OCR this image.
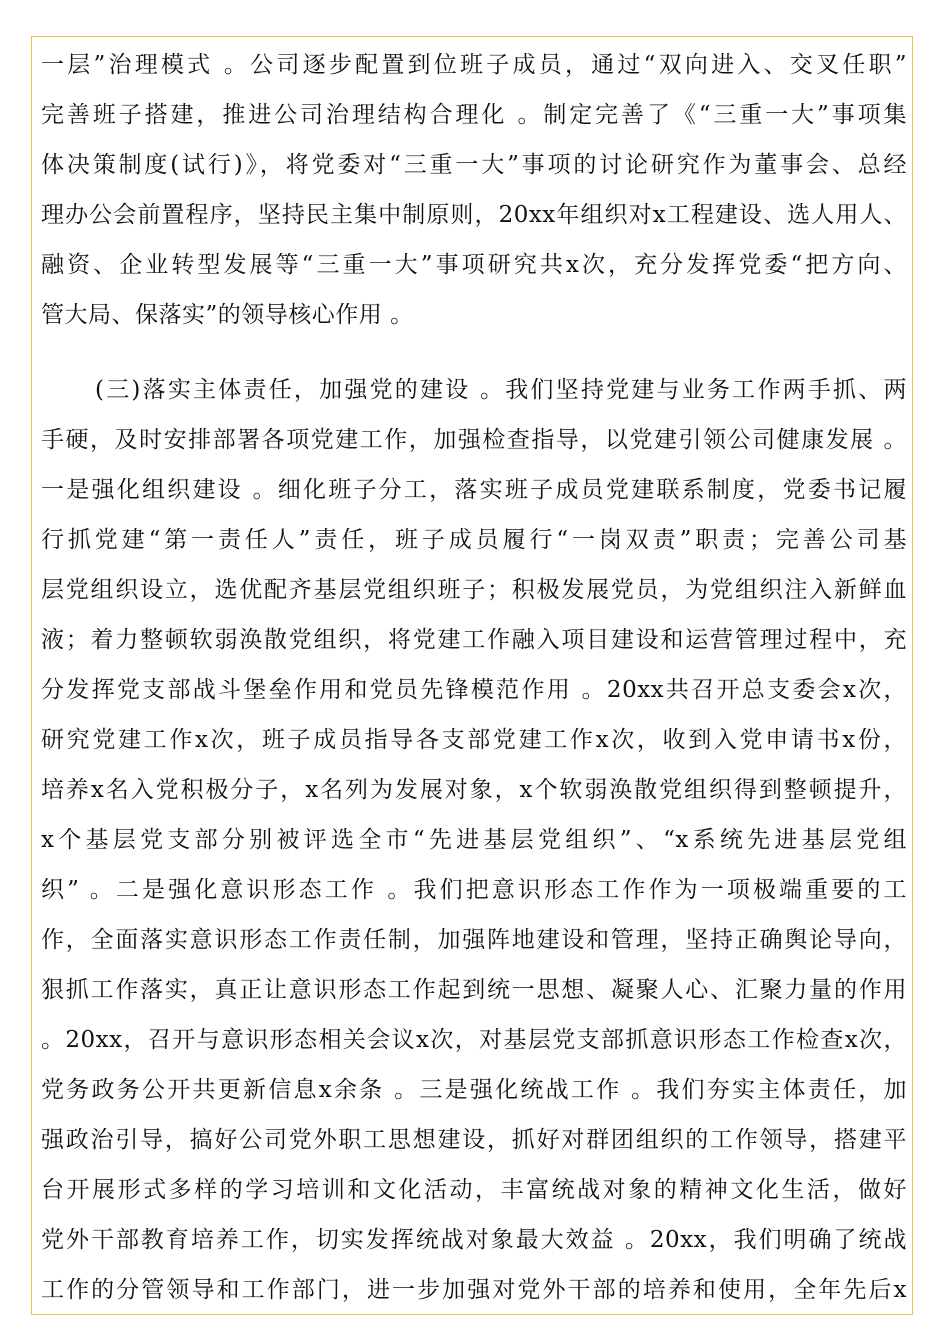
一层”治理模式 。公司逐步配置到位班子成员，通过“双向进入、交叉任职”
完善班子搭建，推进公司治理结构合理化 。制定完善了《“三重一大”事项集
体决策制度(试行)》，将党委对“三重一大”事项的讨论研究作为董事会、总经
理办公会前置程序，坚持民主集中制原则，20xx年组织对x工程建设、选人用人、
融资、企业转型发展等“三重一大”事项研究共x次，充分发挥党委“把方向、
管大局、保落实”的领导核心作用 。
(三)落实主体责任，加强党的建设 。我们坚持党建与业务工作两手抓、两
手硬，及时安排部署各项党建工作，加强检查指导，以党建引领公司健康发展 。
一是强化组织建设 。细化班子分工，落实班子成员党建联系制度，党委书记履
行抓党建“第一责任人”责任，班子成员履行“一岗双责”职责；完善公司基
层党组织设立，选优配齐基层党组织班子；积极发展党员，为党组织注入新鲜血
液；着力整顿软弱涣散党组织，将党建工作融入项目建设和运营管理过程中，充
分发挥党支部战斗堡垒作用和党员先锋模范作用 。20xx共召开总支委会x次，
研究党建工作x次，班子成员指导各支部党建工作x次，收到入党申请书x份，
培养x名入党积极分子，x名列为发展对象，x个软弱涣散党组织得到整顿提升，
x个基层党支部分别被评选全市“先进基层党组织”、“x系统先进基层党组
织” 。二是强化意识形态工作 。我们把意识形态工作作为一项极端重要的工
作，全面落实意识形态工作责任制，加强阵地建设和管理，坚持正确舆论导向，
狠抓工作落实，真正让意识形态工作起到统一思想、凝聚人心、汇聚力量的作用
。20xx，召开与意识形态相关会议x次，对基层党支部抓意识形态工作检查x次，
党务政务公开共更新信息x余条 。三是强化统战工作 。我们夯实主体责任，加
强政治引导，搞好公司党外职工思想建设，抓好对群团组织的工作领导，搭建平
台开展形式多样的学习培训和文化活动，丰富统战对象的精神文化生活，做好
党外干部教育培养工作，切实发挥统战对象最大效益 。20xx，我们明确了统战
工作的分管领导和工作部门，进一步加强对党外干部的培养和使用，全年先后x
